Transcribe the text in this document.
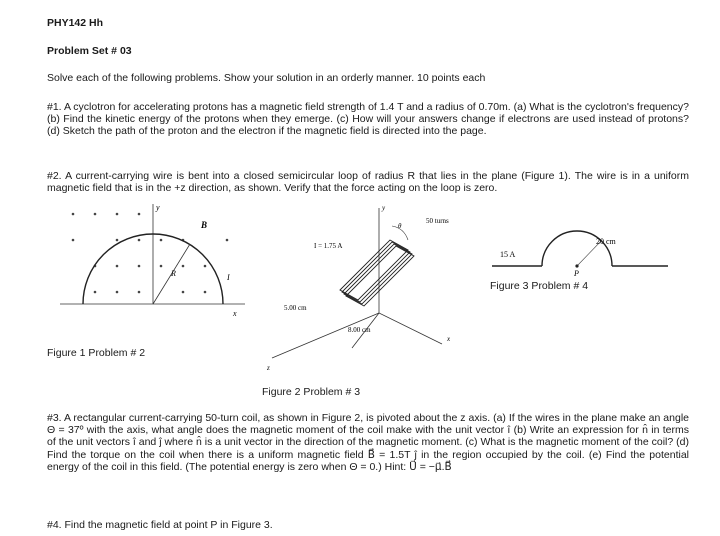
PHY142 Hh
Problem Set # 03
Solve each of the following problems. Show your solution in an orderly manner. 10 points each
#1. A cyclotron for accelerating protons has a magnetic field strength of 1.4 T and a radius of 0.70m. (a) What is the cyclotron's frequency? (b) Find the kinetic energy of the protons when they emerge. (c) How will your answers change if electrons are used instead of protons? (d) Sketch the path of the proton and the electron if the magnetic field is directed into the page.
#2. A current-carrying wire is bent into a closed semicircular loop of radius R that lies in the plane (Figure 1). The wire is in a uniform magnetic field that is in the +z direction, as shown. Verify that the force acting on the loop is zero.
y
x
B⃗
R	I
Figure 1 Problem # 2
y
θ
50 turns
I = 1.75 A
5.00 cm
8.00 cm
x
z
Figure 2 Problem # 3
15 A
20 cm
P
Figure 3 Problem # 4
#3. A rectangular current-carrying 50-turn coil, as shown in Figure 2, is pivoted about the z axis. (a) If the wires in the plane make an angle Θ = 37º with the axis, what angle does the magnetic moment of the coil make with the unit vector î (b) Write an expression for n̂ in terms of the unit vectors î and ĵ where n̂ is a unit vector in the direction of the magnetic moment. (c) What is the magnetic moment of the coil? (d) Find the torque on the coil when there is a uniform magnetic field B⃗ = 1.5T ĵ in the region occupied by the coil. (e) Find the potential energy of the coil in this field. (The potential energy is zero when Θ = 0.) Hint: U⃗ = −μ⃗.B⃗
#4. Find the magnetic field at point P in Figure 3.
